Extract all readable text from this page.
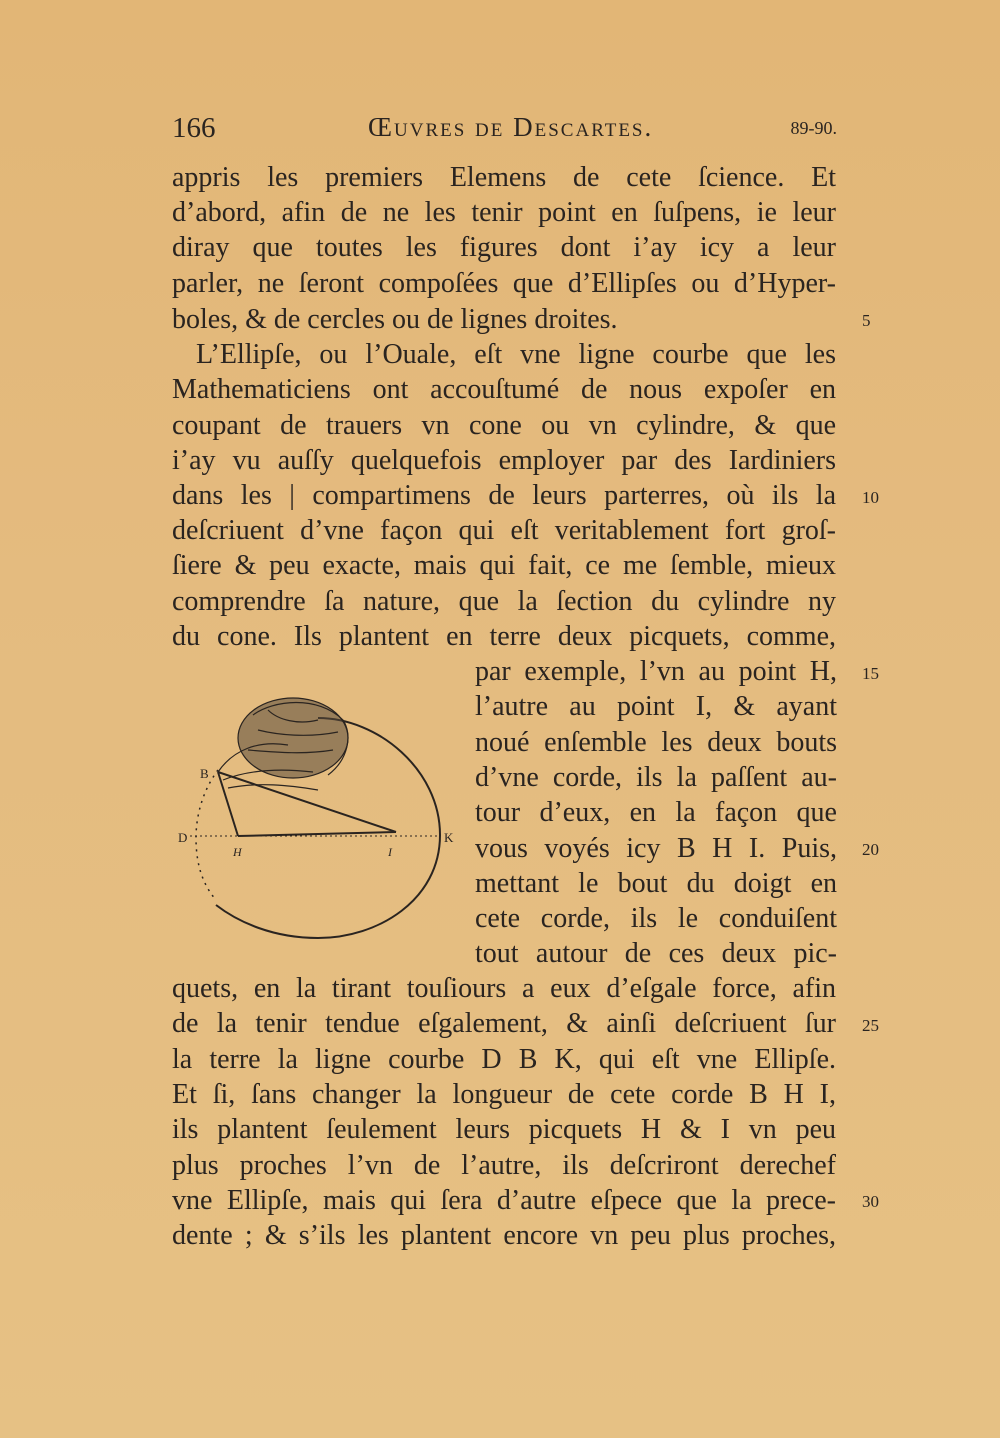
166	Œuvres de Descartes.	89-90.
appris les premiers Elemens de cete ſcience. Et
d’abord, afin de ne les tenir point en ſuſpens, ie leur
diray que toutes les figures dont i’ay icy a leur
parler, ne ſeront compoſées que d’Ellipſes ou d’Hyper-
boles, & de cercles ou de lignes droites.	5
L’Ellipſe, ou l’Ouale, eſt vne ligne courbe que les
Mathematiciens ont accouſtumé de nous expoſer en
coupant de trauers vn cone ou vn cylindre, & que
i’ay vu auſſy quelquefois employer par des Iardiniers
dans les | compartimens de leurs parterres, où ils la 10
deſcriuent d’vne façon qui eſt veritablement fort groſ-
ſiere & peu exacte, mais qui fait, ce me ſemble, mieux
comprendre ſa nature, que la ſection du cylindre ny
du cone. Ils plantent en terre deux picquets, comme,
par exemple, l’vn au point H, 15
l’autre au point I, & ayant
noué enſemble les deux bouts
d’vne corde, ils la paſſent au-
tour d’eux, en la façon que
vous voyés icy B H I. Puis, 20
mettant le bout du doigt en
cete corde, ils le conduiſent
tout autour de ces deux pic-
quets, en la tirant touſiours a eux d’eſgale force, afin
de la tenir tendue eſgalement, & ainſi deſcriuent ſur 25
la terre la ligne courbe D B K, qui eſt vne Ellipſe.
Et ſi, ſans changer la longueur de cete corde B H I,
ils plantent ſeulement leurs picquets H & I vn peu
plus proches l’vn de l’autre, ils deſcriront derechef
vne Ellipſe, mais qui ſera d’autre eſpece que la prece- 30
dente ; & s’ils les plantent encore vn peu plus proches,
B
D
H	I
K
